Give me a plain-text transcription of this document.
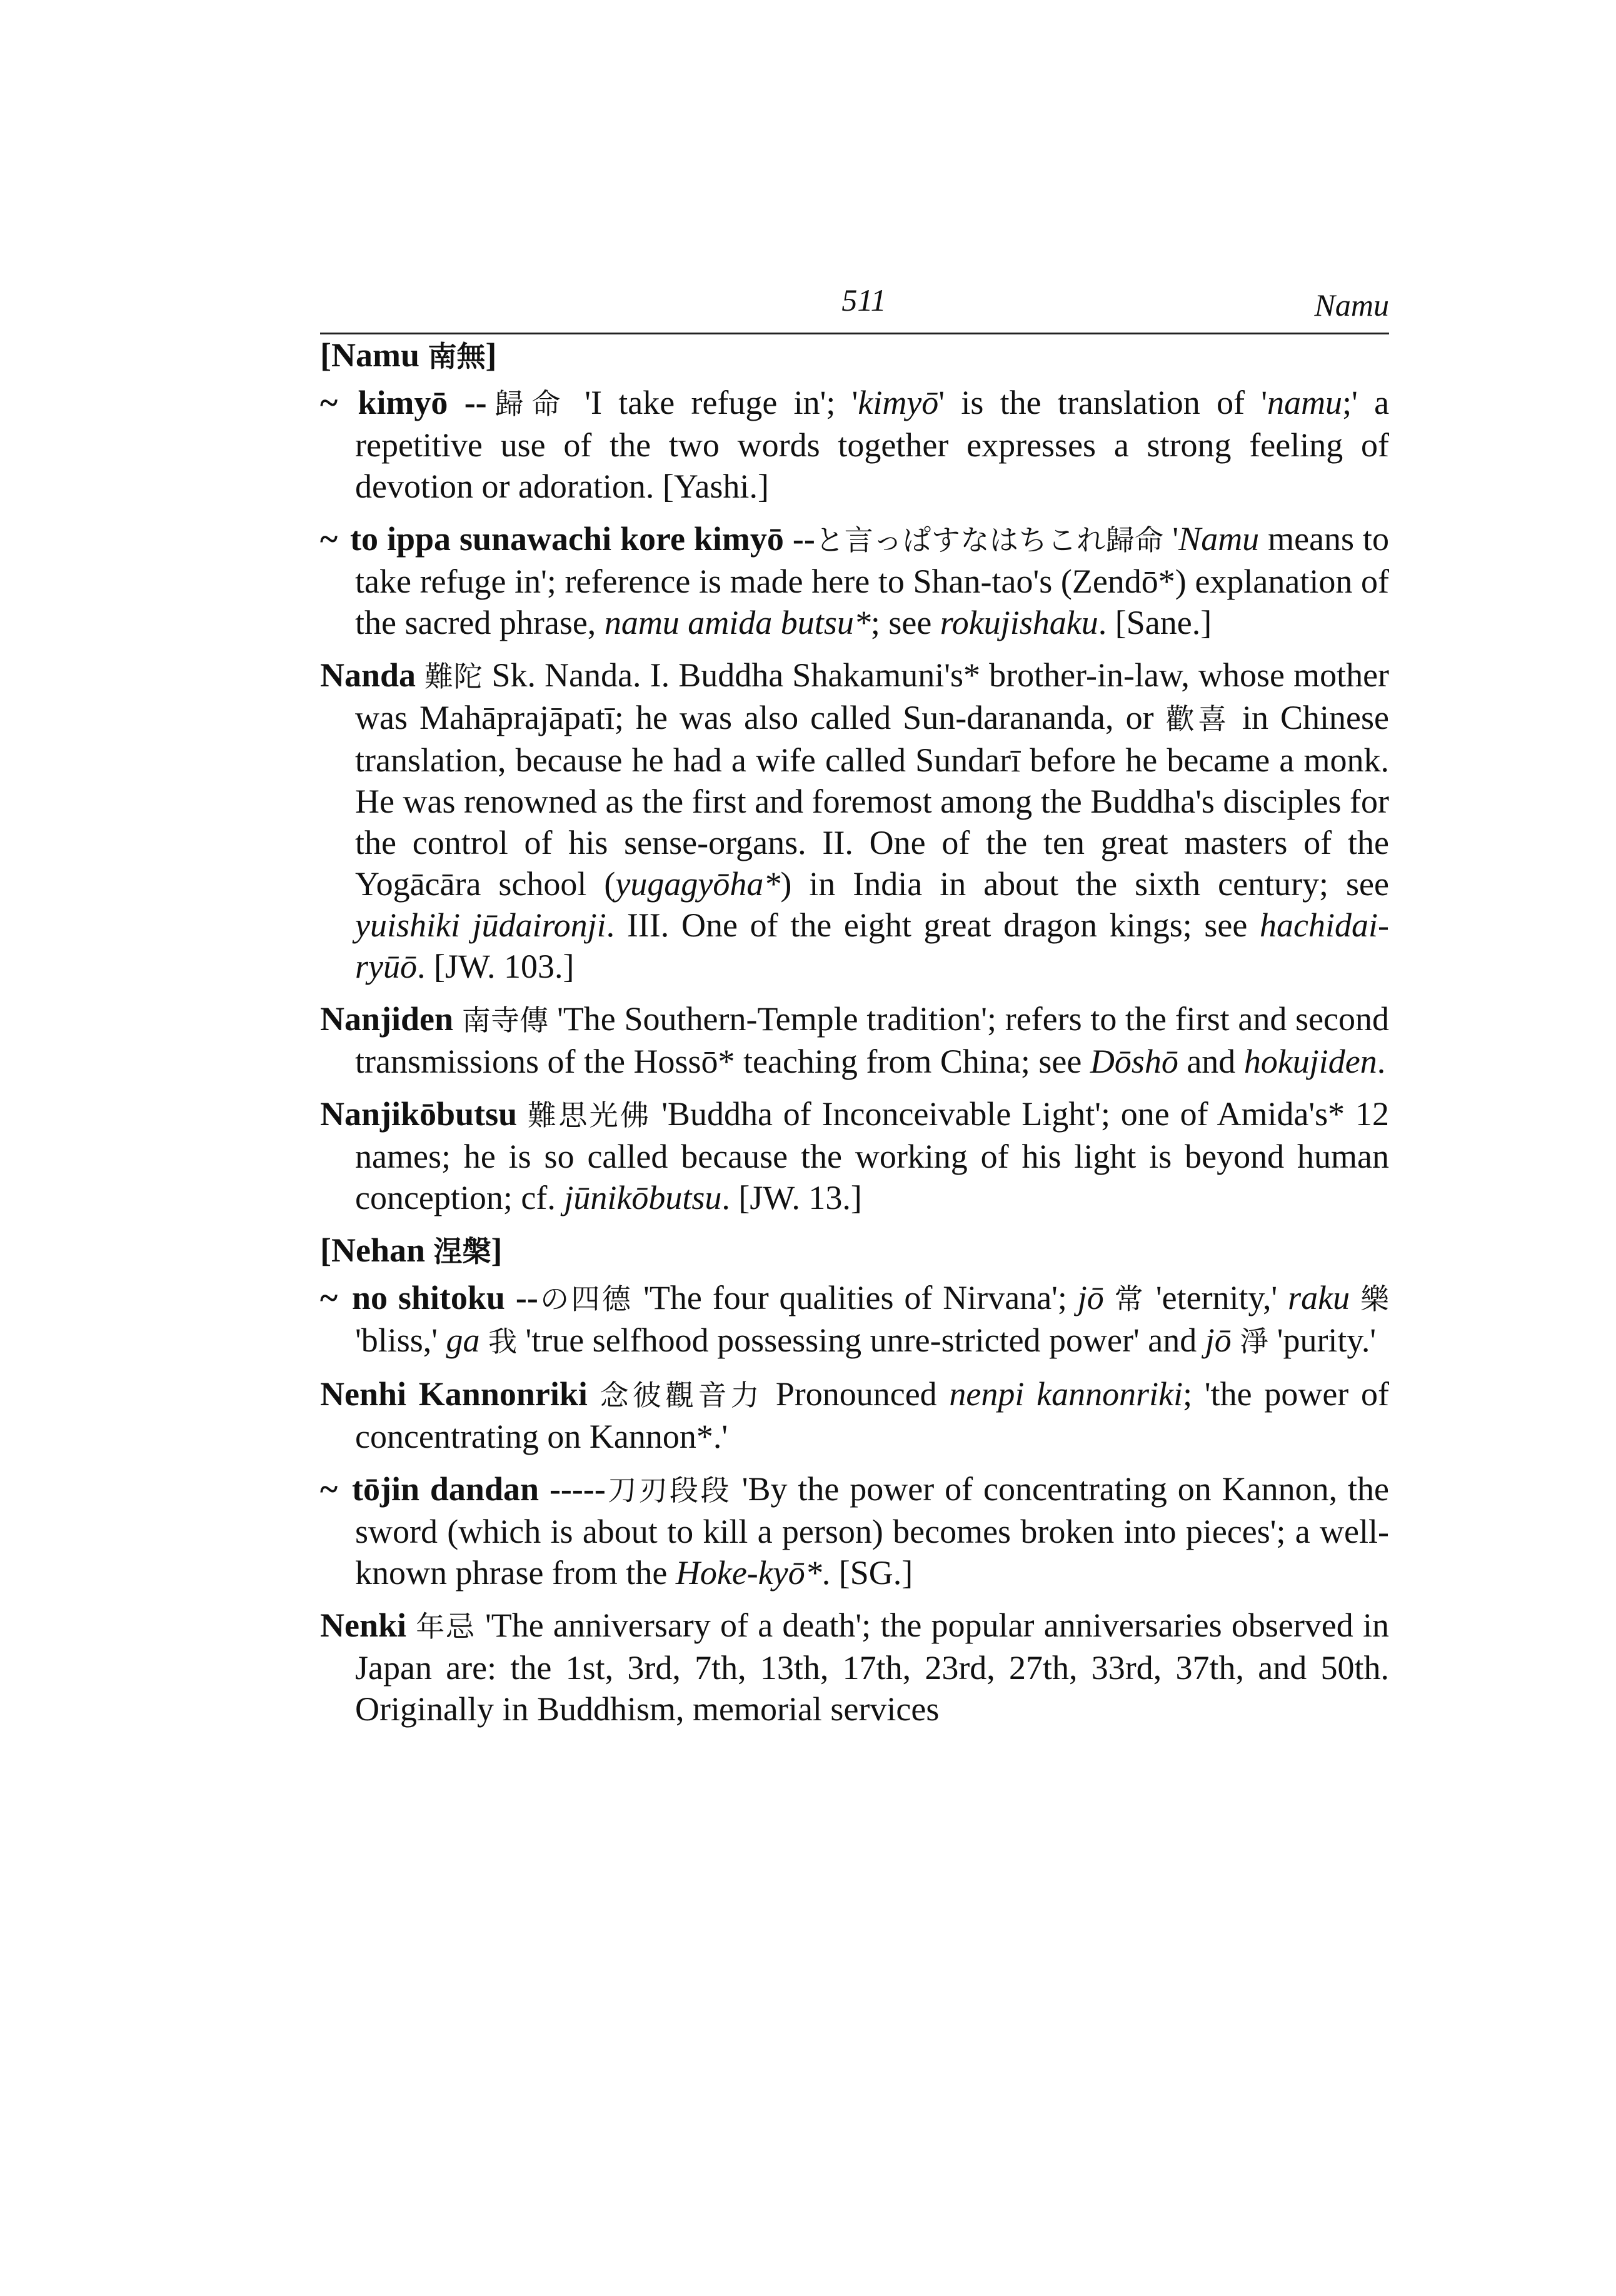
511	Namu

[Namu 南無]

~ kimyō --歸命 'I take refuge in'; 'kimyō' is the translation of 'namu;' a repetitive use of the two words together expresses a strong feeling of devotion or adoration. [Yashi.]

~ to ippa sunawachi kore kimyō --と言っぱすなはちこれ歸命 'Namu means to take refuge in'; reference is made here to Shan-tao's (Zendō*) explanation of the sacred phrase, namu amida butsu*; see rokujishaku. [Sane.]

Nanda 難陀 Sk. Nanda. I. Buddha Shakamuni's* brother-in-law, whose mother was Mahāprajāpatī; he was also called Sun-darananda, or 歡喜 in Chinese translation, because he had a wife called Sundarī before he became a monk. He was renowned as the first and foremost among the Buddha's disciples for the control of his sense-organs. II. One of the ten great masters of the Yogācāra school (yugagyōha*) in India in about the sixth century; see yuishiki jūdaironji. III. One of the eight great dragon kings; see hachidai-ryūō. [JW. 103.]

Nanjiden 南寺傳 'The Southern-Temple tradition'; refers to the first and second transmissions of the Hossō* teaching from China; see Dōshō and hokujiden.

Nanjikōbutsu 難思光佛 'Buddha of Inconceivable Light'; one of Amida's* 12 names; he is so called because the working of his light is beyond human conception; cf. jūnikōbutsu. [JW. 13.]

[Nehan 涅槃]

~ no shitoku --の四德 'The four qualities of Nirvana'; jō 常 'eternity,' raku 樂 'bliss,' ga 我 'true selfhood possessing unre-stricted power' and jō 淨 'purity.'

Nenhi Kannonriki 念彼觀音力 Pronounced nenpi kannonriki; 'the power of concentrating on Kannon*.'

~ tōjin dandan -----刀刃段段 'By the power of concentrating on Kannon, the sword (which is about to kill a person) becomes broken into pieces'; a well-known phrase from the Hoke-kyō*. [SG.]

Nenki 年忌 'The anniversary of a death'; the popular anniversaries observed in Japan are: the 1st, 3rd, 7th, 13th, 17th, 23rd, 27th, 33rd, 37th, and 50th. Originally in Buddhism, memorial services
